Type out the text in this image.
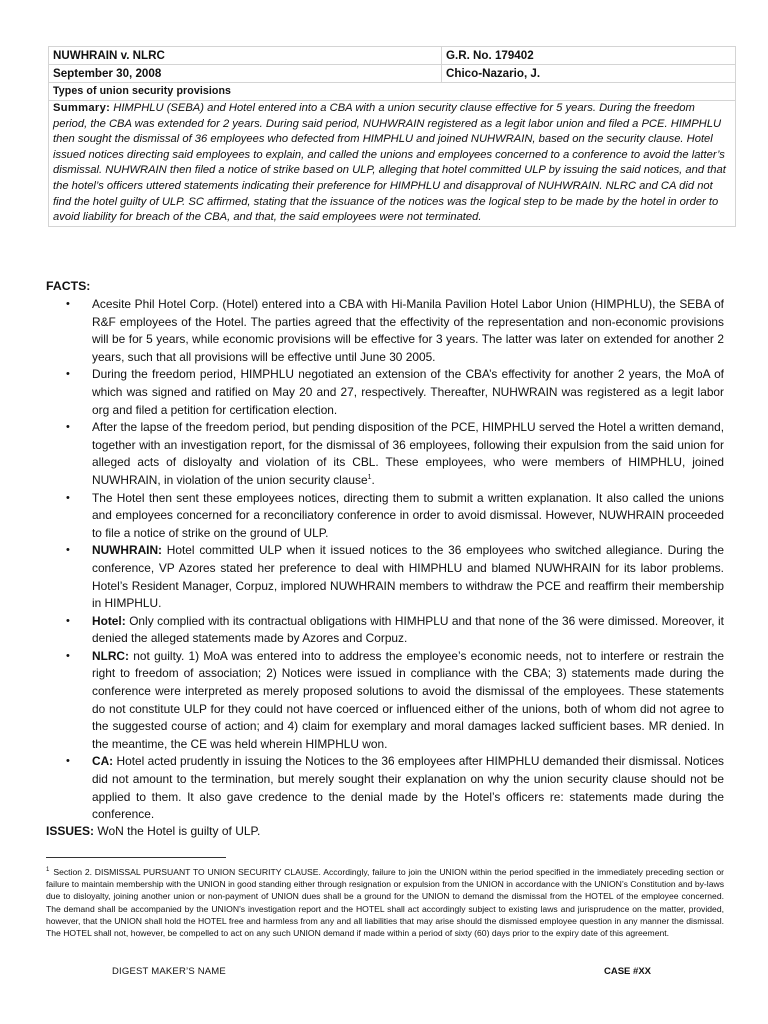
NUWHRAIN v. NLRC	G.R. No. 179402
September 30, 2008	Chico-Nazario, J.
Types of union security provisions	
Summary: HIMPHLU (SEBA) and Hotel entered into a CBA with a union security clause effective for 5 years. During the freedom period, the CBA was extended for 2 years. During said period, NUHWRAIN registered as a legit labor union and filed a PCE. HIMPHLU then sought the dismissal of 36 employees who defected from HIMPHLU and joined NUHWRAIN, based on the security clause. Hotel issued notices directing said employees to explain, and called the unions and employees concerned to a conference to avoid the latter’s dismissal. NUHWRAIN then filed a notice of strike based on ULP, alleging that hotel committed ULP by issuing the said notices, and that the hotel’s officers uttered statements indicating their preference for HIMPHLU and disapproval of NUHWRAIN. NLRC and CA did not find the hotel guilty of ULP. SC affirmed, stating that the issuance of the notices was the logical step to be made by the hotel in order to avoid liability for breach of the CBA, and that, the said employees were not terminated.	
FACTS:
• Acesite Phil Hotel Corp. (Hotel) entered into a CBA with Hi-Manila Pavilion Hotel Labor Union (HIMPHLU), the SEBA of R&F employees of the Hotel. The parties agreed that the effectivity of the representation and non-economic provisions will be for 5 years, while economic provisions will be effective for 3 years. The latter was later on extended for another 2 years, such that all provisions will be effective until June 30 2005.
• During the freedom period, HIMPHLU negotiated an extension of the CBA’s effectivity for another 2 years, the MoA of which was signed and ratified on May 20 and 27, respectively. Thereafter, NUHWRAIN was registered as a legit labor org and filed a petition for certification election.
• After the lapse of the freedom period, but pending disposition of the PCE, HIMPHLU served the Hotel a written demand, together with an investigation report, for the dismissal of 36 employees, following their expulsion from the said union for alleged acts of disloyalty and violation of its CBL. These employees, who were members of HIMPHLU, joined NUWHRAIN, in violation of the union security clause$^1$.
• The Hotel then sent these employees notices, directing them to submit a written explanation. It also called the unions and employees concerned for a reconciliatory conference in order to avoid dismissal. However, NUWHRAIN proceeded to file a notice of strike on the ground of ULP.
• NUWHRAIN: Hotel committed ULP when it issued notices to the 36 employees who switched allegiance. During the conference, VP Azores stated her preference to deal with HIMPHLU and blamed NUWHRAIN for its labor problems. Hotel’s Resident Manager, Corpuz, implored NUWHRAIN members to withdraw the PCE and reaffirm their membership in HIMPHLU.
• Hotel: Only complied with its contractual obligations with HIMHPLU and that none of the 36 were dimissed. Moreover, it denied the alleged statements made by Azores and Corpuz.
• NLRC: not guilty. 1) MoA was entered into to address the employee’s economic needs, not to interfere or restrain the right to freedom of association; 2) Notices were issued in compliance with the CBA; 3) statements made during the conference were interpreted as merely proposed solutions to avoid the dismissal of the employees. These statements do not constitute ULP for they could not have coerced or influenced either of the unions, both of whom did not agree to the suggested course of action; and 4) claim for exemplary and moral damages lacked sufficient bases. MR denied. In the meantime, the CE was held wherein HIMPHLU won.
• CA: Hotel acted prudently in issuing the Notices to the 36 employees after HIMPHLU demanded their dismissal. Notices did not amount to the termination, but merely sought their explanation on why the union security clause should not be applied to them. It also gave credence to the denial made by the Hotel’s officers re: statements made during the conference.
ISSUES: WoN the Hotel is guilty of ULP.
$^1$ Section 2. DISMISSAL PURSUANT TO UNION SECURITY CLAUSE. Accordingly, failure to join the UNION within the period specified in the immediately preceding section or failure to maintain membership with the UNION in good standing either through resignation or expulsion from the UNION in accordance with the UNION’s Constitution and by-laws due to disloyalty, joining another union or non-payment of UNION dues shall be a ground for the UNION to demand the dismissal from the HOTEL of the employee concerned. The demand shall be accompanied by the UNION’s investigation report and the HOTEL shall act accordingly subject to existing laws and jurisprudence on the matter, provided, however, that the UNION shall hold the HOTEL free and harmless from any and all liabilities that may arise should the dismissed employee question in any manner the dismissal. The HOTEL shall not, however, be compelled to act on any such UNION demand if made within a period of sixty (60) days prior to the expiry date of this agreement.
DIGEST MAKER’S NAME	CASE #XX
